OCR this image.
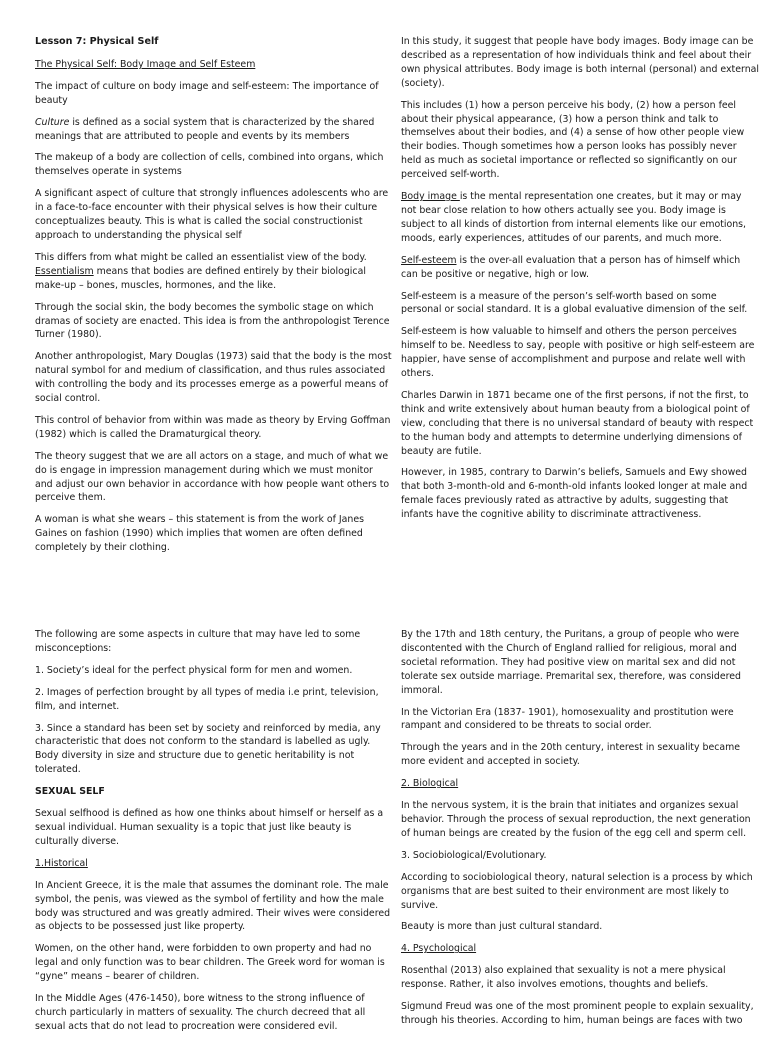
Lesson 7: Physical Self

The Physical Self: Body Image and Self Esteem

The impact of culture on body image and self-esteem: The importance of beauty

Culture is defined as a social system that is characterized by the shared meanings that are attributed to people and events by its members

The makeup of a body are collection of cells, combined into organs, which themselves operate in systems

A significant aspect of culture that strongly influences adolescents who are in a face-to-face encounter with their physical selves is how their culture conceptualizes beauty. This is what is called the social constructionist approach to understanding the physical self

This differs from what might be called an essentialist view of the body. Essentialism means that bodies are defined entirely by their biological make-up – bones, muscles, hormones, and the like.

Through the social skin, the body becomes the symbolic stage on which dramas of society are enacted. This idea is from the anthropologist Terence Turner (1980).

Another anthropologist, Mary Douglas (1973) said that the body is the most natural symbol for and medium of classification, and thus rules associated with controlling the body and its processes emerge as a powerful means of social control.

This control of behavior from within was made as theory by Erving Goffman (1982) which is called the Dramaturgical theory.

The theory suggest that we are all actors on a stage, and much of what we do is engage in impression management during which we must monitor and adjust our own behavior in accordance with how people want others to perceive them.

A woman is what she wears – this statement is from the work of Janes Gaines on fashion (1990) which implies that women are often defined completely by their clothing.

In this study, it suggest that people have body images. Body image can be described as a representation of how individuals think and feel about their own physical attributes. Body image is both internal (personal) and external (society).

This includes (1) how a person perceive his body, (2) how a person feel about their physical appearance, (3) how a person think and talk to themselves about their bodies, and (4) a sense of how other people view their bodies. Though sometimes how a person looks has possibly never held as much as societal importance or reflected so significantly on our perceived self-worth.

Body image is the mental representation one creates, but it may or may not bear close relation to how others actually see you. Body image is subject to all kinds of distortion from internal elements like our emotions, moods, early experiences, attitudes of our parents, and much more.

Self-esteem is the over-all evaluation that a person has of himself which can be positive or negative, high or low.

Self-esteem is a measure of the person’s self-worth based on some personal or social standard. It is a global evaluative dimension of the self.

Self-esteem is how valuable to himself and others the person perceives himself to be. Needless to say, people with positive or high self-esteem are happier, have sense of accomplishment and purpose and relate well with others.

Charles Darwin in 1871 became one of the first persons, if not the first, to think and write extensively about human beauty from a biological point of view, concluding that there is no universal standard of beauty with respect to the human body and attempts to determine underlying dimensions of beauty are futile.

However, in 1985, contrary to Darwin’s beliefs, Samuels and Ewy showed that both 3-month-old and 6-month-old infants looked longer at male and female faces previously rated as attractive by adults, suggesting that infants have the cognitive ability to discriminate attractiveness.

The following are some aspects in culture that may have led to some misconceptions:

1. Society’s ideal for the perfect physical form for men and women.

2. Images of perfection brought by all types of media i.e print, television, film, and internet.

3. Since a standard has been set by society and reinforced by media, any characteristic that does not conform to the standard is labelled as ugly. Body diversity in size and structure due to genetic heritability is not tolerated.

SEXUAL SELF

Sexual selfhood is defined as how one thinks about himself or herself as a sexual individual. Human sexuality is a topic that just like beauty is culturally diverse.

1.Historical

In Ancient Greece, it is the male that assumes the dominant role. The male symbol, the penis, was viewed as the symbol of fertility and how the male body was structured and was greatly admired. Their wives were considered as objects to be possessed just like property.

Women, on the other hand, were forbidden to own property and had no legal and only function was to bear children. The Greek word for woman is “gyne” means – bearer of children.

In the Middle Ages (476-1450), bore witness to the strong influence of church particularly in matters of sexuality. The church decreed that all sexual acts that do not lead to procreation were considered evil.

By the 17th and 18th century, the Puritans, a group of people who were discontented with the Church of England rallied for religious, moral and societal reformation. They had positive view on marital sex and did not tolerate sex outside marriage. Premarital sex, therefore, was considered immoral.

In the Victorian Era (1837- 1901), homosexuality and prostitution were rampant and considered to be threats to social order.

Through the years and in the 20th century, interest in sexuality became more evident and accepted in society.

2. Biological

In the nervous system, it is the brain that initiates and organizes sexual behavior. Through the process of sexual reproduction, the next generation of human beings are created by the fusion of the egg cell and sperm cell.

3. Sociobiological/Evolutionary.

According to sociobiological theory, natural selection is a process by which organisms that are best suited to their environment are most likely to survive.

Beauty is more than just cultural standard.

4. Psychological

Rosenthal (2013) also explained that sexuality is not a mere physical response. Rather, it also involves emotions, thoughts and beliefs.

Sigmund Freud was one of the most prominent people to explain sexuality, through his theories. According to him, human beings are faces with two
